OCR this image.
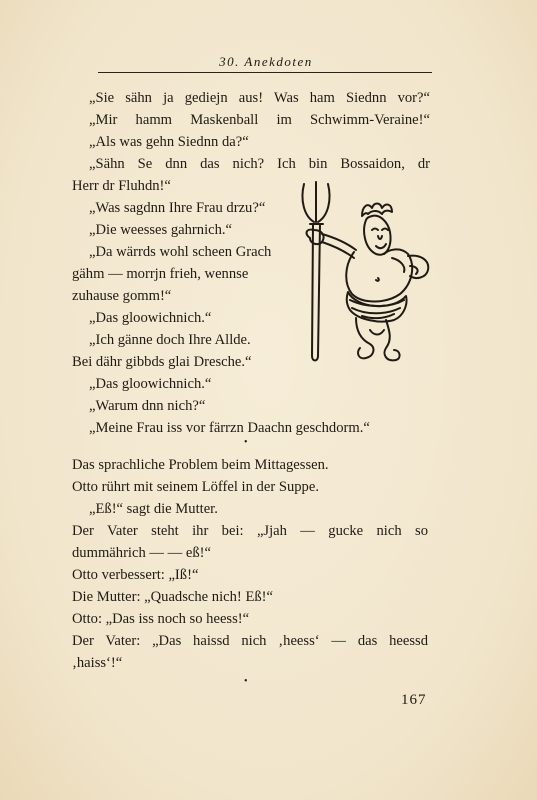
30. Anekdoten
„Sie sähn ja gediejn aus! Was ham Siednn vor?“
„Mir hamm Maskenball im Schwimm-Veraine!“
„Als was gehn Siednn da?“
„Sähn Se dnn das nich? Ich bin Bossaidon, dr
Herr dr Fluhdn!“
„Was sagdnn Ihre Frau drzu?“
„Die weesses gahrnich.“
„Da wärrds wohl scheen Grach
gähm — morrjn frieh, wennse
zuhause gomm!“
„Das gloowichnich.“
„Ich gänne doch Ihre Allde.
Bei dähr gibbds glai Dresche.“
„Das gloowichnich.“
„Warum dnn nich?“
„Meine Frau iss vor färrzn Daachn geschdorm.“
•
Das sprachliche Problem beim Mittagessen.
Otto rührt mit seinem Löffel in der Suppe.
„Eß!“ sagt die Mutter.
Der Vater steht ihr bei: „Jjah — gucke nich so
dummährich — — eß!“
Otto verbessert: „Iß!“
Die Mutter: „Quadsche nich! Eß!“
Otto: „Das iss noch so heess!“
Der Vater: „Das haissd nich ‚heess‘ — das heessd
‚haiss‘!“
•
167
